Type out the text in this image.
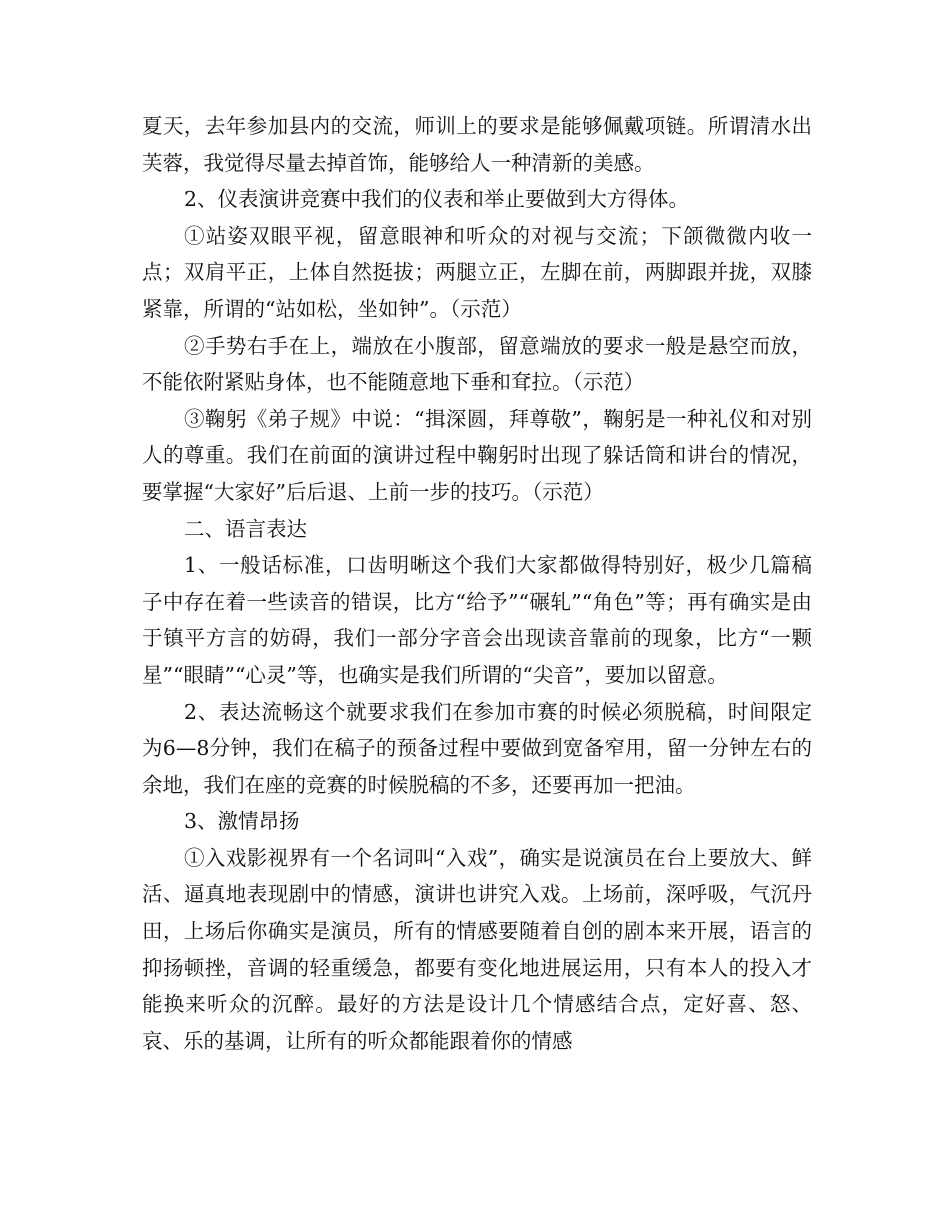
夏天，去年参加县内的交流，师训上的要求是能够佩戴项链。所谓清水出芙蓉，我觉得尽量去掉首饰，能够给人一种清新的美感。

2、仪表演讲竞赛中我们的仪表和举止要做到大方得体。

①站姿双眼平视，留意眼神和听众的对视与交流；下颌微微内收一点；双肩平正，上体自然挺拔；两腿立正，左脚在前，两脚跟并拢，双膝紧靠，所谓的“站如松，坐如钟”。（示范）

②手势右手在上，端放在小腹部，留意端放的要求一般是悬空而放，不能依附紧贴身体，也不能随意地下垂和耷拉。（示范）

③鞠躬《弟子规》中说：“揖深圆，拜尊敬”，鞠躬是一种礼仪和对别人的尊重。我们在前面的演讲过程中鞠躬时出现了躲话筒和讲台的情况，要掌握“大家好”后后退、上前一步的技巧。（示范）

二、语言表达

1、一般话标准，口齿明晰这个我们大家都做得特别好，极少几篇稿子中存在着一些读音的错误，比方“给予”“碾轧”“角色”等；再有确实是由于镇平方言的妨碍，我们一部分字音会出现读音靠前的现象，比方“一颗星”“眼睛”“心灵”等，也确实是我们所谓的“尖音”，要加以留意。

2、表达流畅这个就要求我们在参加市赛的时候必须脱稿，时间限定为6—8分钟，我们在稿子的预备过程中要做到宽备窄用，留一分钟左右的余地，我们在座的竞赛的时候脱稿的不多，还要再加一把油。

3、激情昂扬

①入戏影视界有一个名词叫“入戏”，确实是说演员在台上要放大、鲜活、逼真地表现剧中的情感，演讲也讲究入戏。上场前，深呼吸，气沉丹田，上场后你确实是演员，所有的情感要随着自创的剧本来开展，语言的抑扬顿挫，音调的轻重缓急，都要有变化地进展运用，只有本人的投入才能换来听众的沉醉。最好的方法是设计几个情感结合点，定好喜、怒、哀、乐的基调，让所有的听众都能跟着你的情感
